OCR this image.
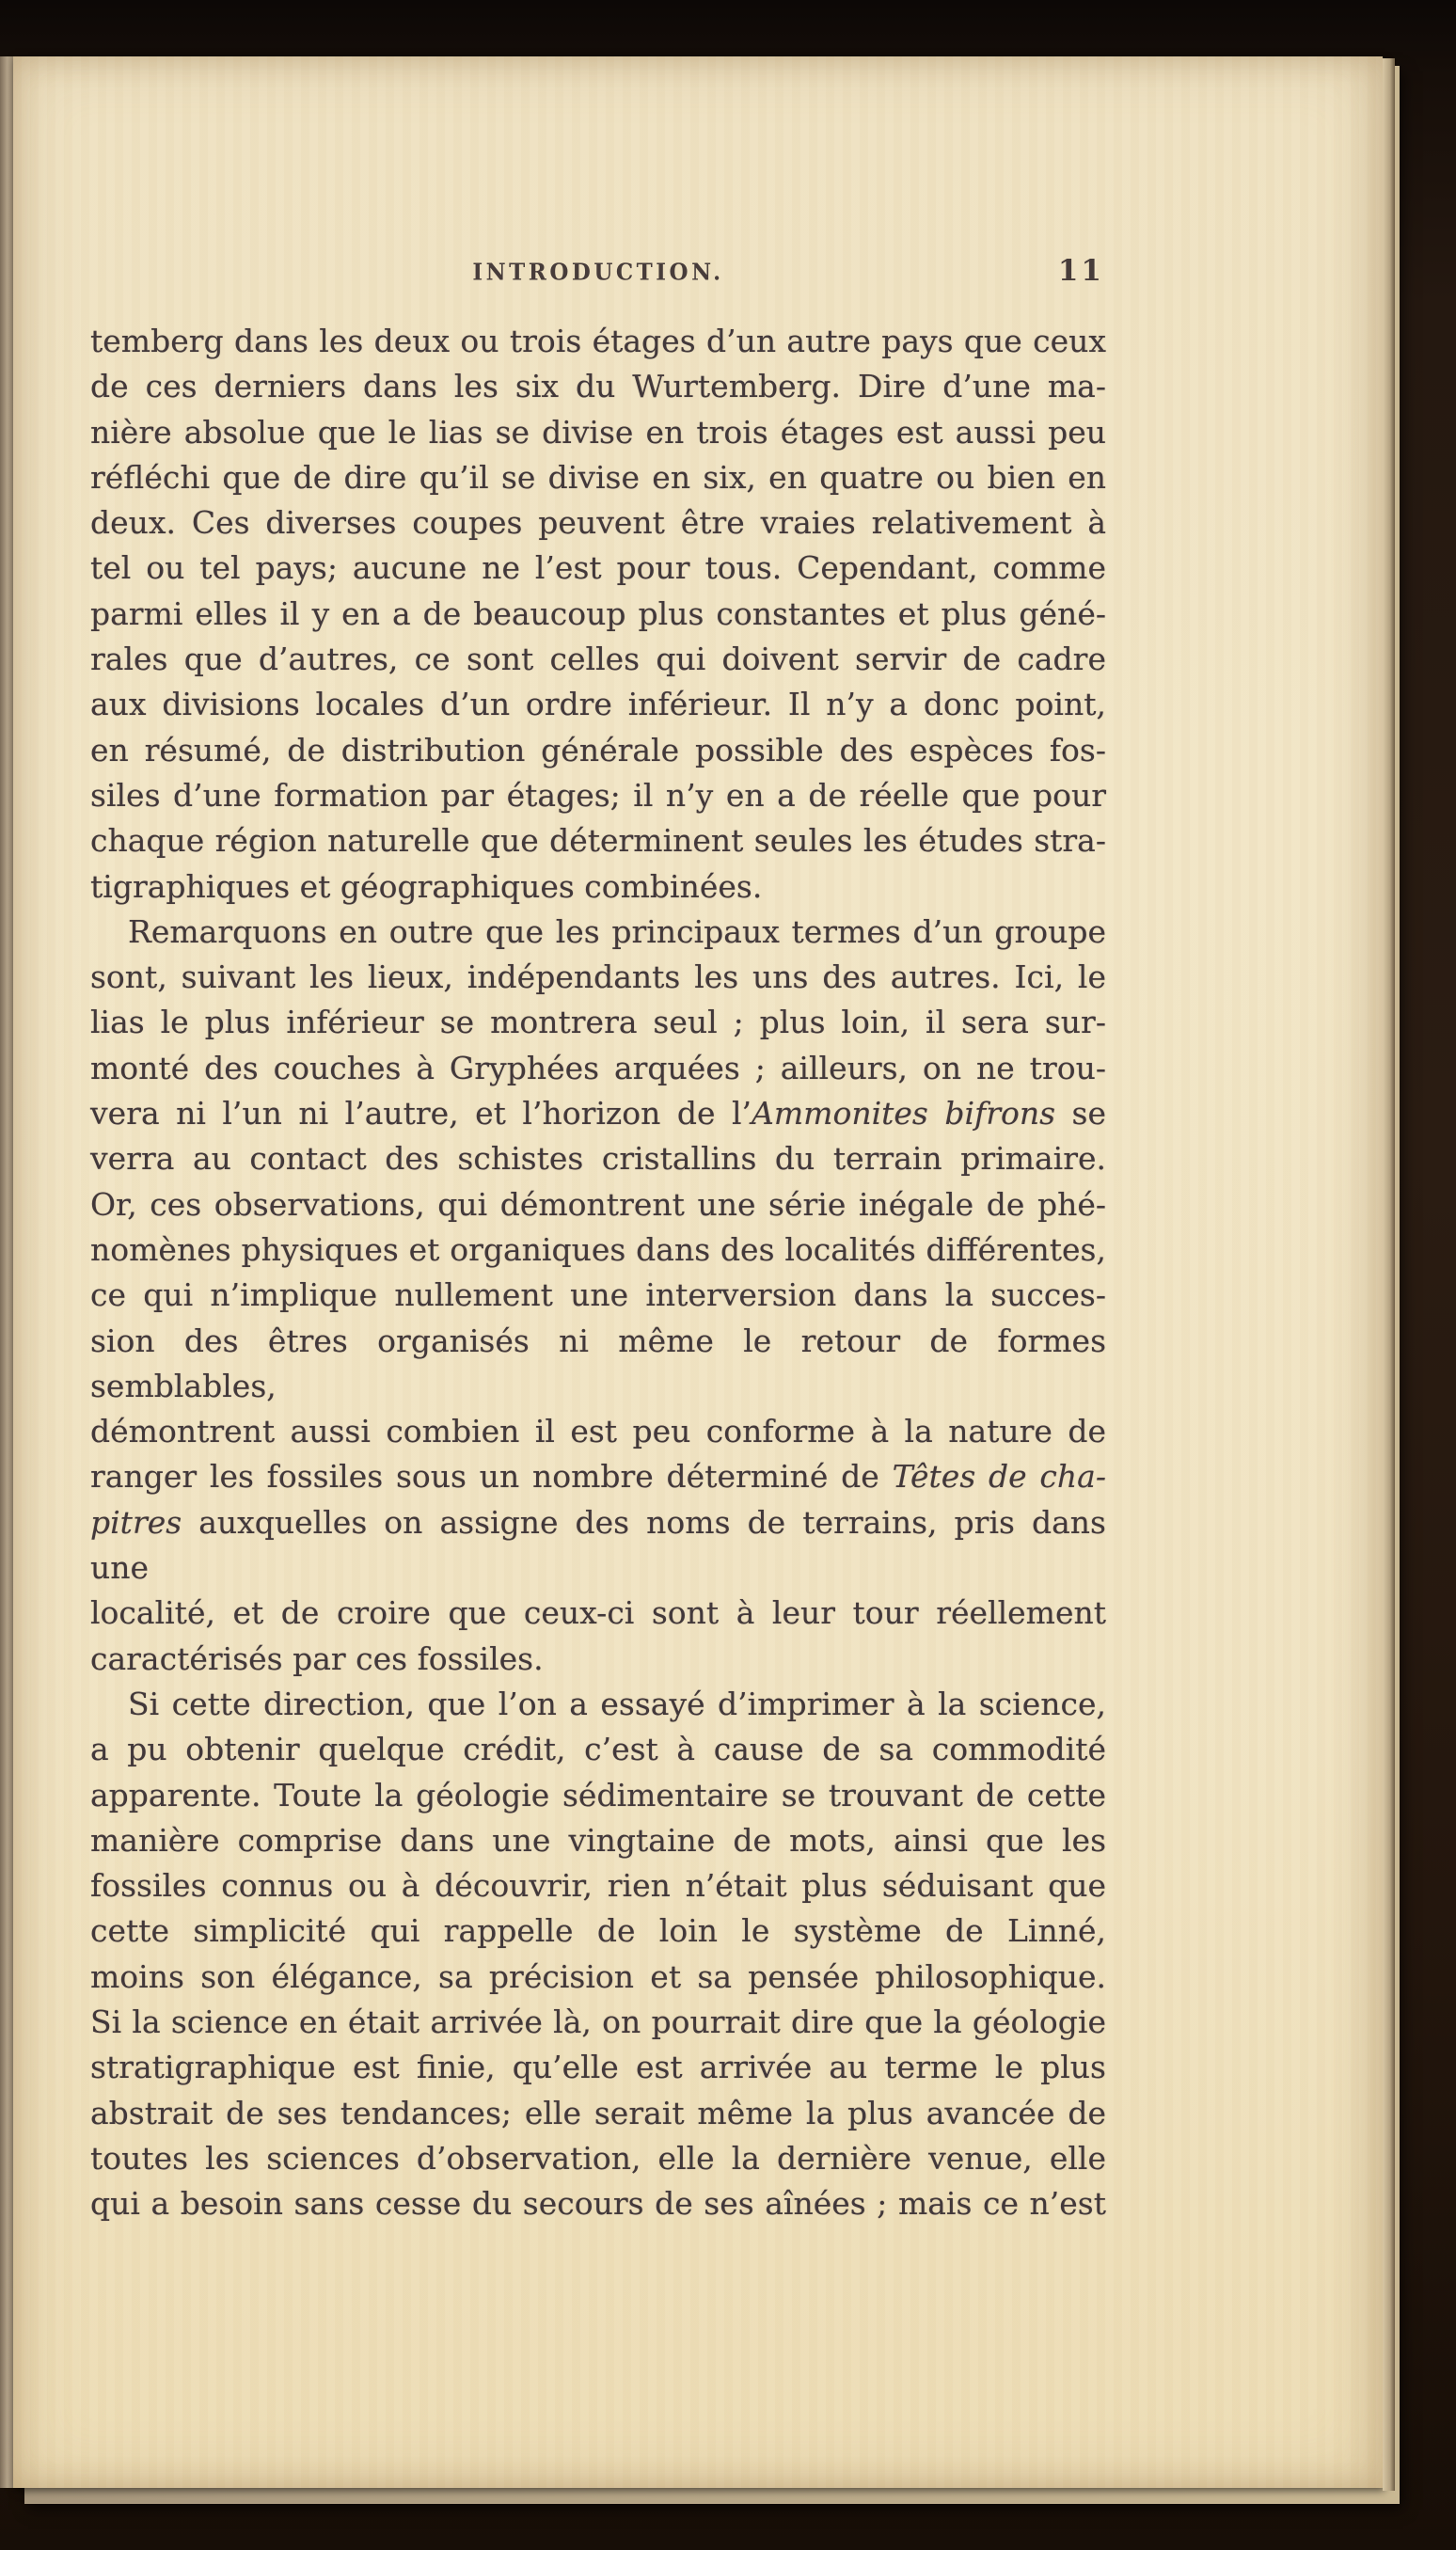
INTRODUCTION.	11
temberg dans les deux ou trois étages d’un autre pays que ceux
de ces derniers dans les six du Wurtemberg. Dire d’une ma-
nière absolue que le lias se divise en trois étages est aussi peu
réfléchi que de dire qu’il se divise en six, en quatre ou bien en
deux. Ces diverses coupes peuvent être vraies relativement à
tel ou tel pays; aucune ne l’est pour tous. Cependant, comme
parmi elles il y en a de beaucoup plus constantes et plus géné-
rales que d’autres, ce sont celles qui doivent servir de cadre
aux divisions locales d’un ordre inférieur. Il n’y a donc point,
en résumé, de distribution générale possible des espèces fos-
siles d’une formation par étages; il n’y en a de réelle que pour
chaque région naturelle que déterminent seules les études stra-
tigraphiques et géographiques combinées.
Remarquons en outre que les principaux termes d’un groupe
sont, suivant les lieux, indépendants les uns des autres. Ici, le
lias le plus inférieur se montrera seul ; plus loin, il sera sur-
monté des couches à Gryphées arquées ; ailleurs, on ne trou-
vera ni l’un ni l’autre, et l’horizon de l’Ammonites bifrons se
verra au contact des schistes cristallins du terrain primaire.
Or, ces observations, qui démontrent une série inégale de phé-
nomènes physiques et organiques dans des localités différentes,
ce qui n’implique nullement une interversion dans la succes-
sion des êtres organisés ni même le retour de formes semblables,
démontrent aussi combien il est peu conforme à la nature de
ranger les fossiles sous un nombre déterminé de Têtes de cha-
pitres auxquelles on assigne des noms de terrains, pris dans une
localité, et de croire que ceux-ci sont à leur tour réellement
caractérisés par ces fossiles.
Si cette direction, que l’on a essayé d’imprimer à la science,
a pu obtenir quelque crédit, c’est à cause de sa commodité
apparente. Toute la géologie sédimentaire se trouvant de cette
manière comprise dans une vingtaine de mots, ainsi que les
fossiles connus ou à découvrir, rien n’était plus séduisant que
cette simplicité qui rappelle de loin le système de Linné,
moins son élégance, sa précision et sa pensée philosophique.
Si la science en était arrivée là, on pourrait dire que la géologie
stratigraphique est finie, qu’elle est arrivée au terme le plus
abstrait de ses tendances; elle serait même la plus avancée de
toutes les sciences d’observation, elle la dernière venue, elle
qui a besoin sans cesse du secours de ses aînées ; mais ce n’est
